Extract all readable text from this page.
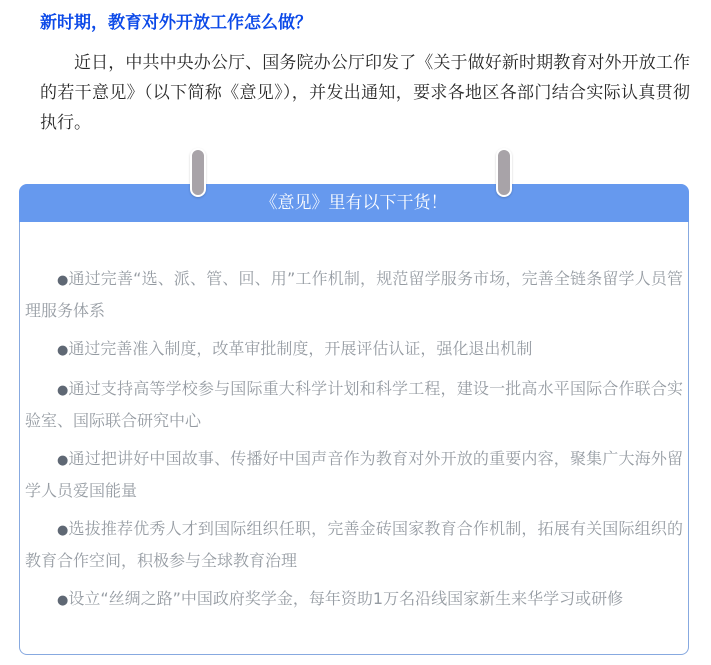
新时期，教育对外开放工作怎么做？

近日，中共中央办公厅、国务院办公厅印发了《关于做好新时期教育对外开放工作的若干意见》（以下简称《意见》），并发出通知，要求各地区各部门结合实际认真贯彻执行。

《意见》里有以下干货！

●通过完善“选、派、管、回、用”工作机制，规范留学服务市场，完善全链条留学人员管理服务体系

●通过完善准入制度，改革审批制度，开展评估认证，强化退出机制

●通过支持高等学校参与国际重大科学计划和科学工程，建设一批高水平国际合作联合实验室、国际联合研究中心

●通过把讲好中国故事、传播好中国声音作为教育对外开放的重要内容，聚集广大海外留学人员爱国能量

●选拔推荐优秀人才到国际组织任职，完善金砖国家教育合作机制，拓展有关国际组织的教育合作空间，积极参与全球教育治理

●设立“丝绸之路”中国政府奖学金，每年资助1万名沿线国家新生来华学习或研修
